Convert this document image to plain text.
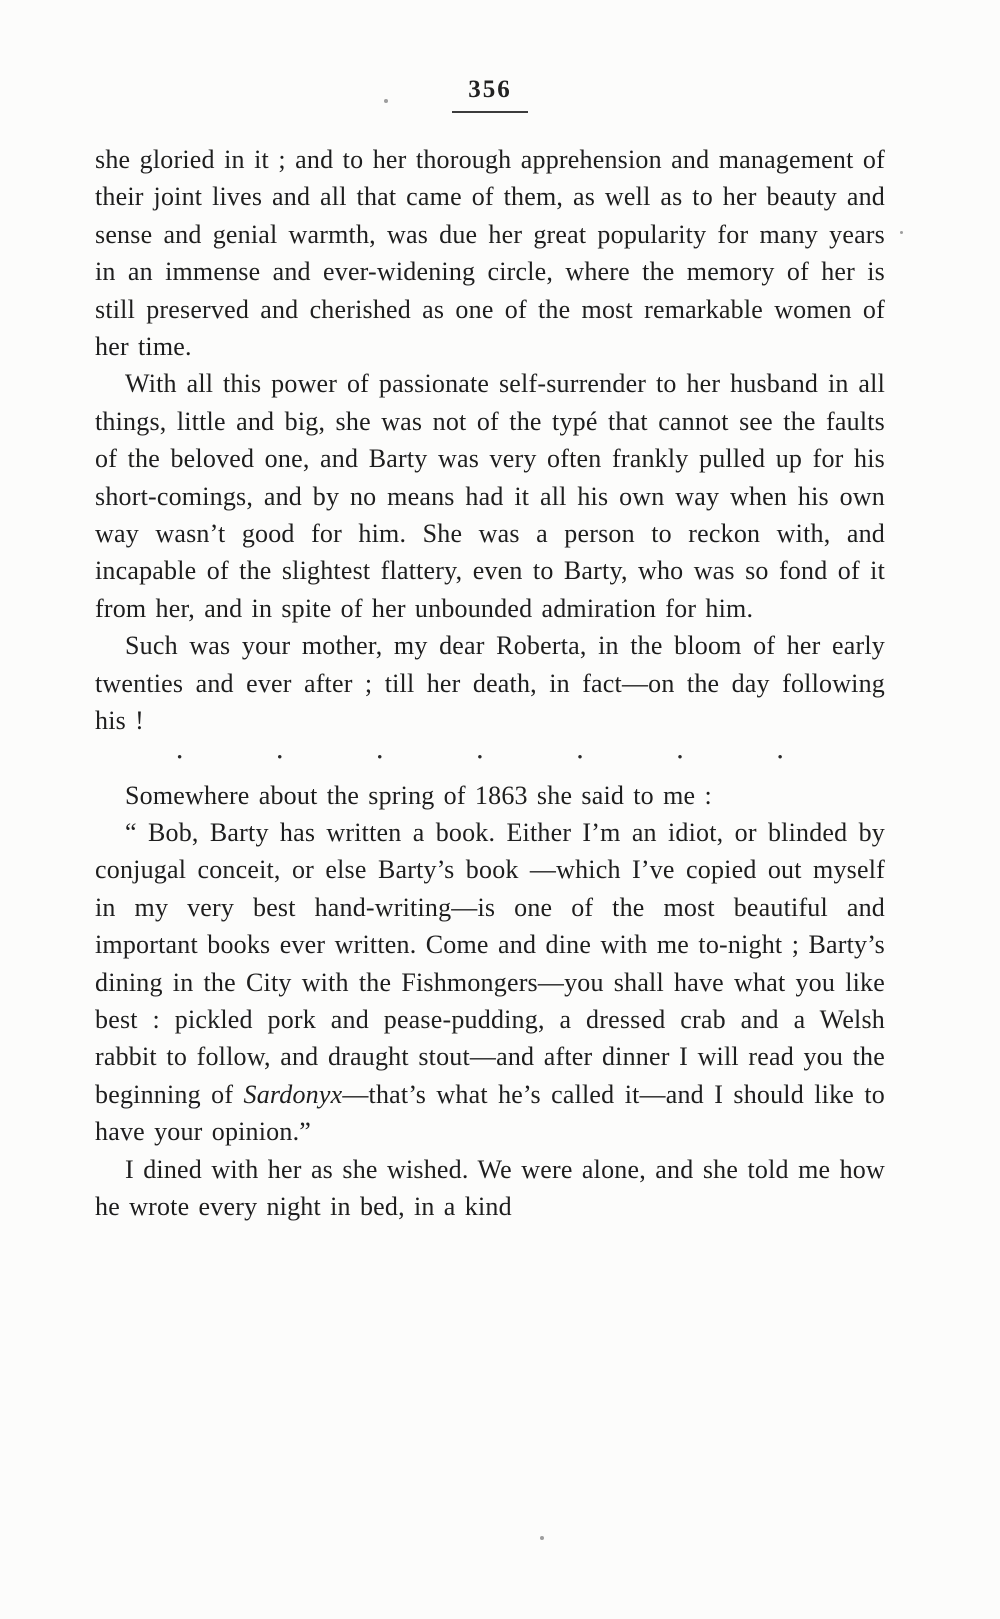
356

she gloried in it ; and to her thorough apprehension and management of their joint lives and all that came of them, as well as to her beauty and sense and genial warmth, was due her great popularity for many years in an immense and ever-widening circle, where the memory of her is still preserved and cherished as one of the most remarkable women of her time.

With all this power of passionate self-surrender to her husband in all things, little and big, she was not of the typé that cannot see the faults of the beloved one, and Barty was very often frankly pulled up for his short-comings, and by no means had it all his own way when his own way wasn’t good for him. She was a person to reckon with, and incapable of the slightest flattery, even to Barty, who was so fond of it from her, and in spite of her unbounded admiration for him.

Such was your mother, my dear Roberta, in the bloom of her early twenties and ever after ; till her death, in fact—on the day following his !

•	•	•	•	•	•	•

Somewhere about the spring of 1863 she said to me :

“ Bob, Barty has written a book. Either I’m an idiot, or blinded by conjugal conceit, or else Barty’s book —which I’ve copied out myself in my very best hand-writing—is one of the most beautiful and important books ever written. Come and dine with me to-night ; Barty’s dining in the City with the Fishmongers—you shall have what you like best : pickled pork and pease-pudding, a dressed crab and a Welsh rabbit to follow, and draught stout—and after dinner I will read you the beginning of Sardonyx—that’s what he’s called it—and I should like to have your opinion.”

I dined with her as she wished. We were alone, and she told me how he wrote every night in bed, in a kind
